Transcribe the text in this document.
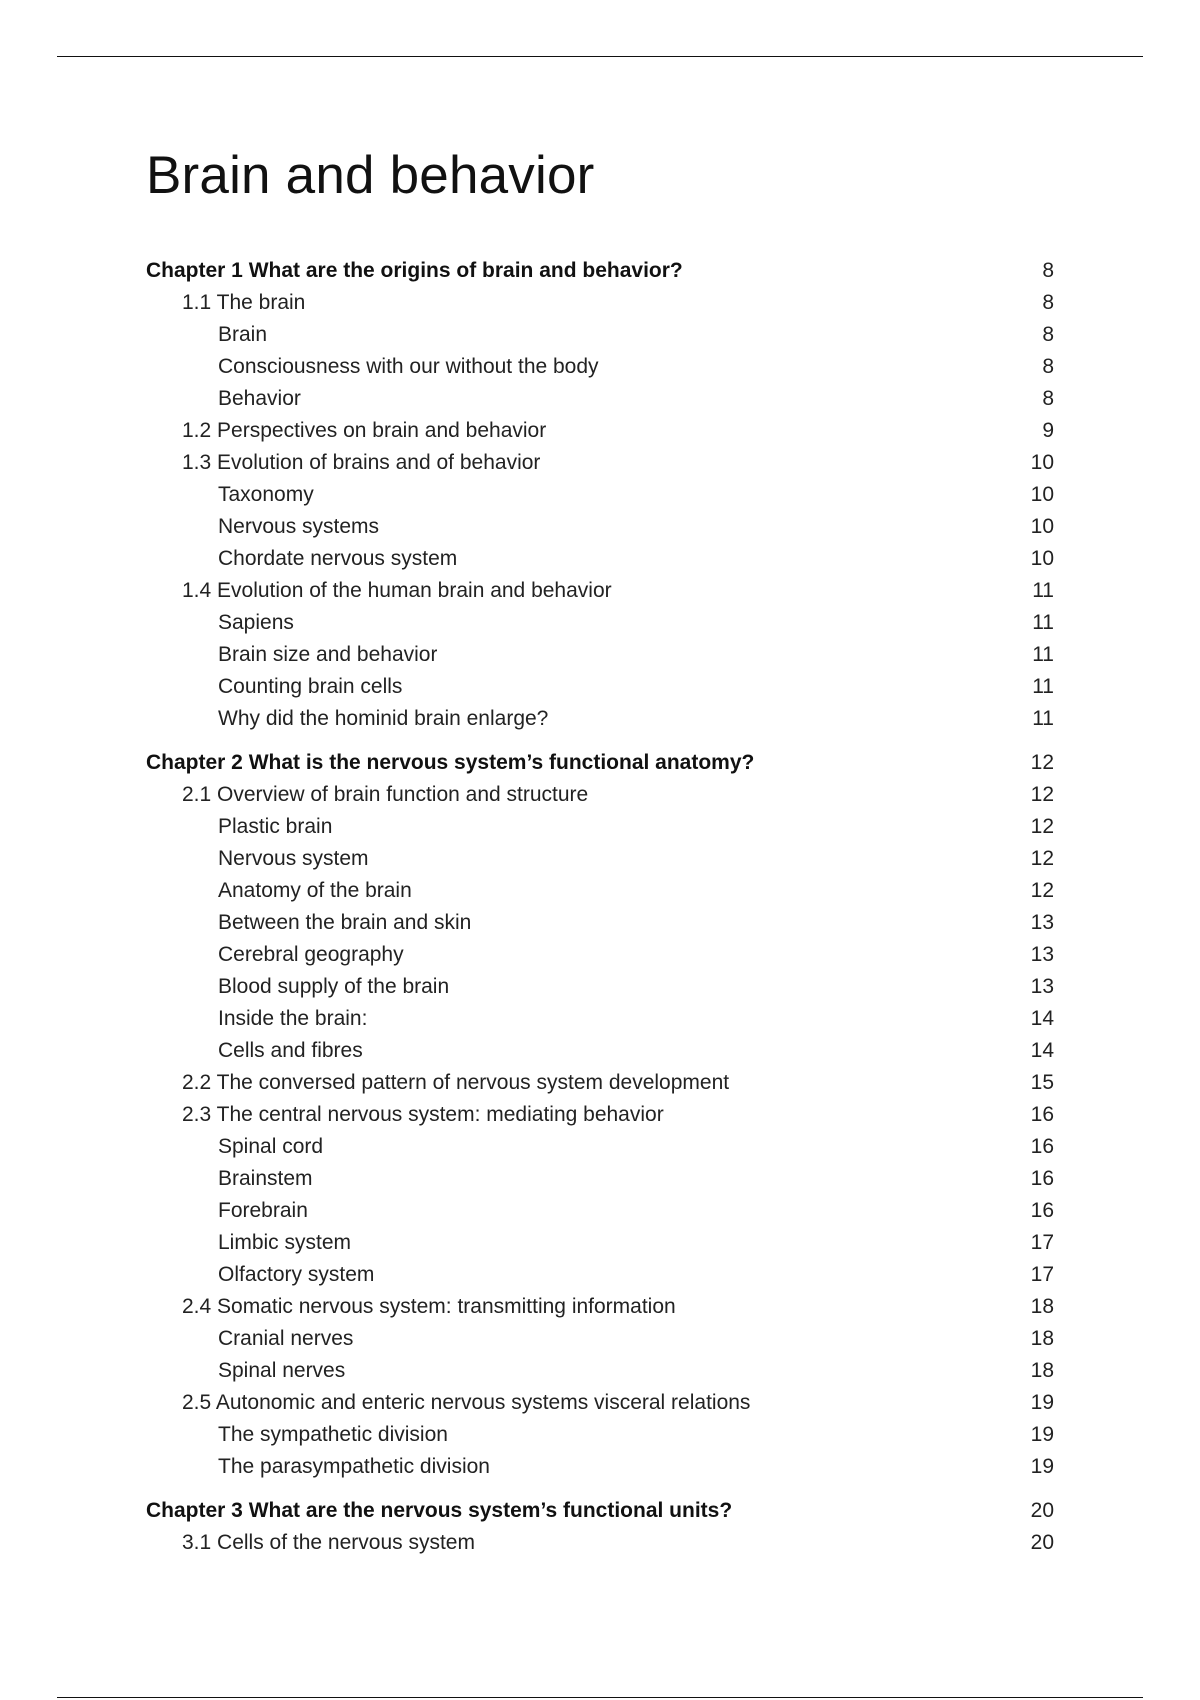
Brain and behavior
Chapter 1 What are the origins of brain and behavior?	8
1.1 The brain	8
Brain	8
Consciousness with our without the body	8
Behavior	8
1.2 Perspectives on brain and behavior	9
1.3 Evolution of brains and of behavior	10
Taxonomy	10
Nervous systems	10
Chordate nervous system	10
1.4 Evolution of the human brain and behavior	11
Sapiens	11
Brain size and behavior	11
Counting brain cells	11
Why did the hominid brain enlarge?	11
Chapter 2 What is the nervous system’s functional anatomy?	12
2.1 Overview of brain function and structure	12
Plastic brain	12
Nervous system	12
Anatomy of the brain	12
Between the brain and skin	13
Cerebral geography	13
Blood supply of the brain	13
Inside the brain:	14
Cells and fibres	14
2.2 The conversed pattern of nervous system development	15
2.3 The central nervous system: mediating behavior	16
Spinal cord	16
Brainstem	16
Forebrain	16
Limbic system	17
Olfactory system	17
2.4 Somatic nervous system: transmitting information	18
Cranial nerves	18
Spinal nerves	18
2.5 Autonomic and enteric nervous systems visceral relations	19
The sympathetic division	19
The parasympathetic division	19
Chapter 3 What are the nervous system’s functional units?	20
3.1 Cells of the nervous system	20
